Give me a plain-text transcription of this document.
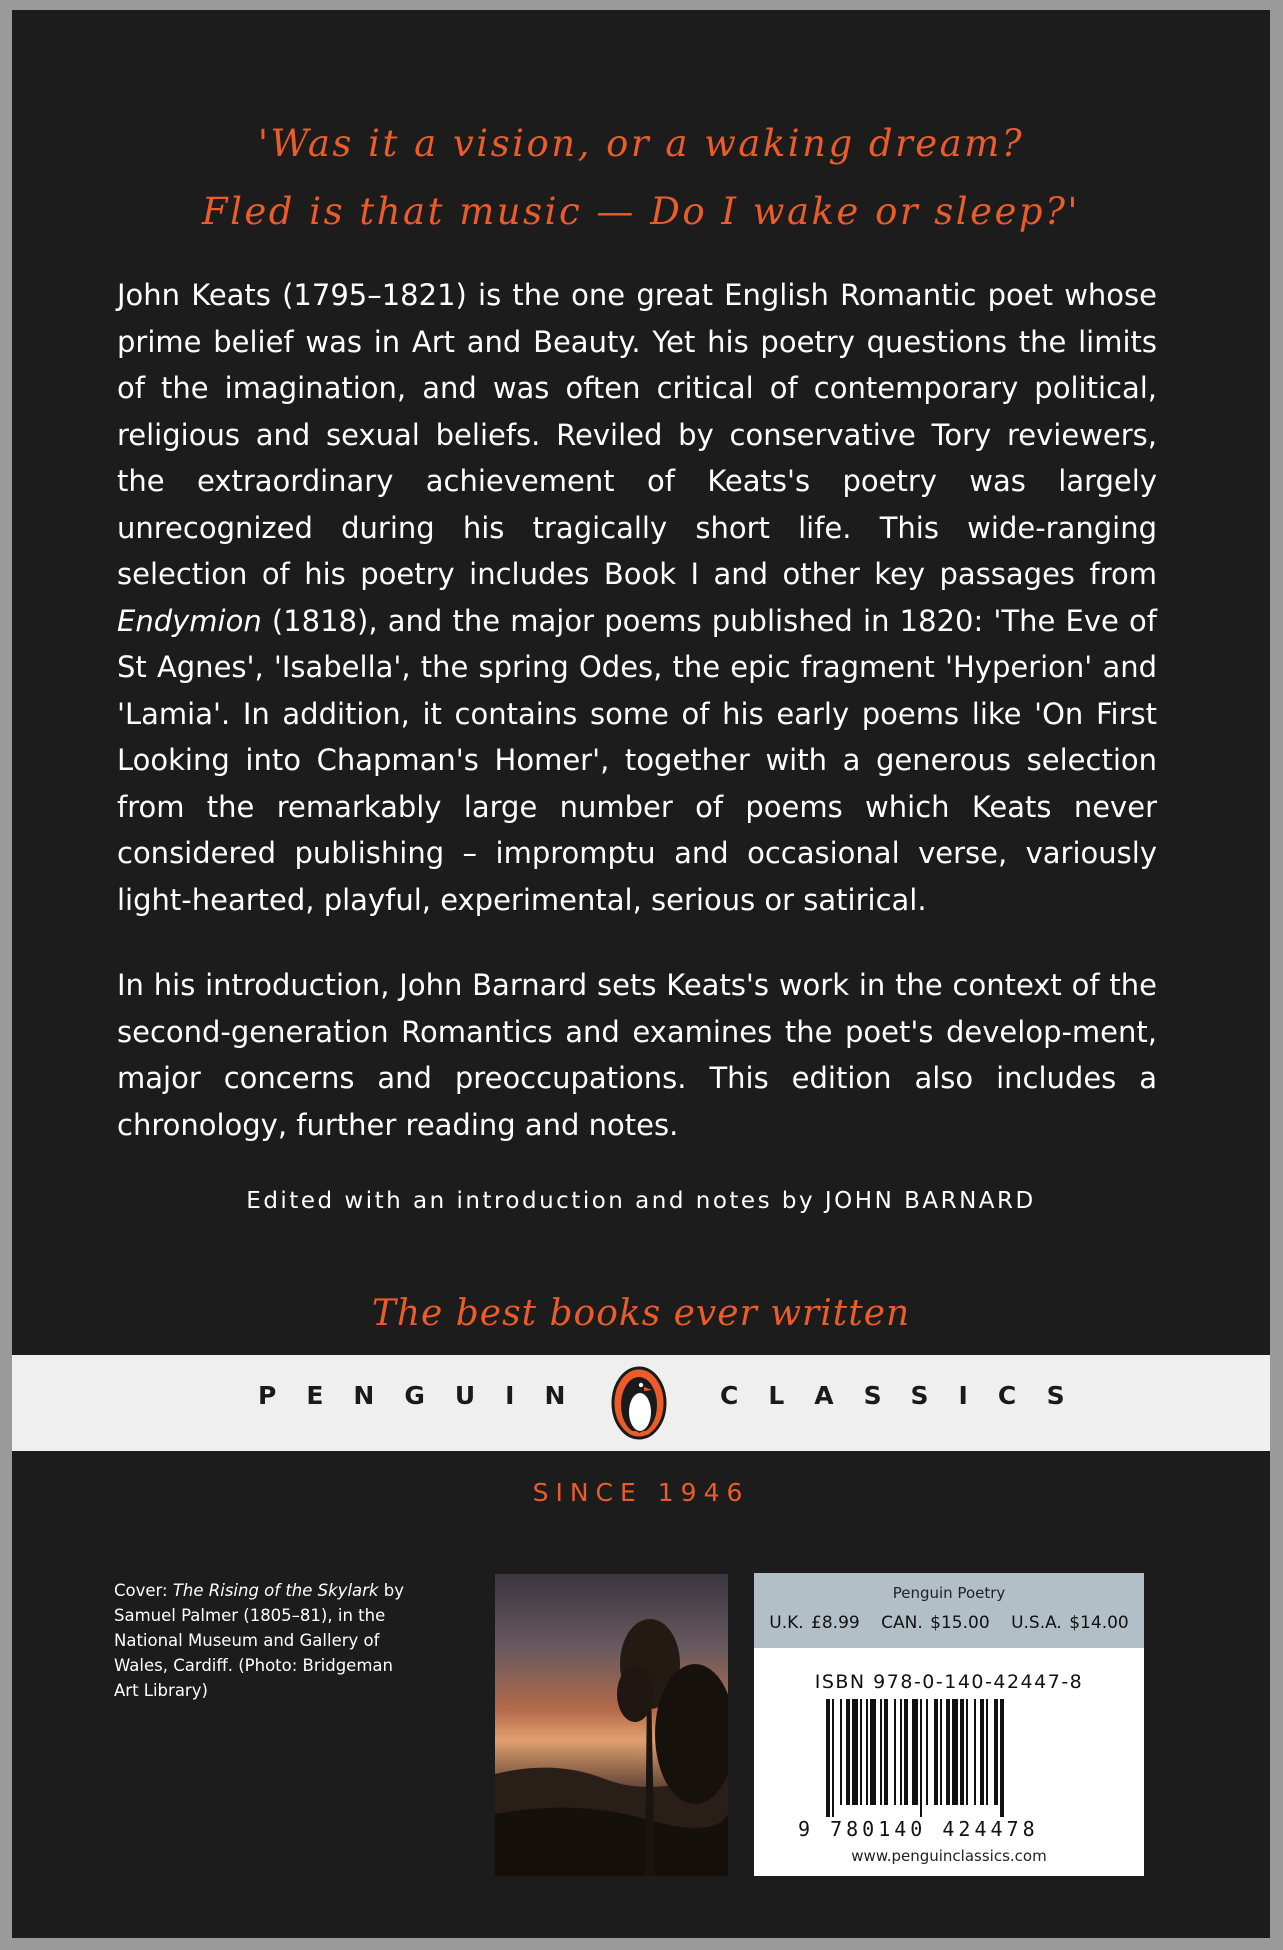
'Was it a vision, or a waking dream?
Fled is that music — Do I wake or sleep?'

John Keats (1795–1821) is the one great English Romantic poet whose prime belief was in Art and Beauty. Yet his poetry questions the limits of the imagination, and was often critical of contemporary political, religious and sexual beliefs. Reviled by conservative Tory reviewers, the extraordinary achievement of Keats's poetry was largely unrecognized during his tragically short life. This wide-ranging selection of his poetry includes Book I and other key passages from Endymion (1818), and the major poems published in 1820: 'The Eve of St Agnes', 'Isabella', the spring Odes, the epic fragment 'Hyperion' and 'Lamia'. In addition, it contains some of his early poems like 'On First Looking into Chapman's Homer', together with a generous selection from the remarkably large number of poems which Keats never considered publishing – impromptu and occasional verse, variously light-hearted, playful, experimental, serious or satirical.

In his introduction, John Barnard sets Keats's work in the context of the second-generation Romantics and examines the poet's develop-ment, major concerns and preoccupations. This edition also includes a chronology, further reading and notes.

Edited with an introduction and notes by JOHN BARNARD
The best books ever written
PENGUIN	CLASSICS
SINCE 1946
Cover: The Rising of the Skylark by Samuel Palmer (1805–81), in the National Museum and Gallery of Wales, Cardiff. (Photo: Bridgeman Art Library)
Penguin Poetry
U.K. £8.99 CAN. $15.00 U.S.A. $14.00
ISBN 978-0-140-42447-8
9 780140 424478
www.penguinclassics.com
